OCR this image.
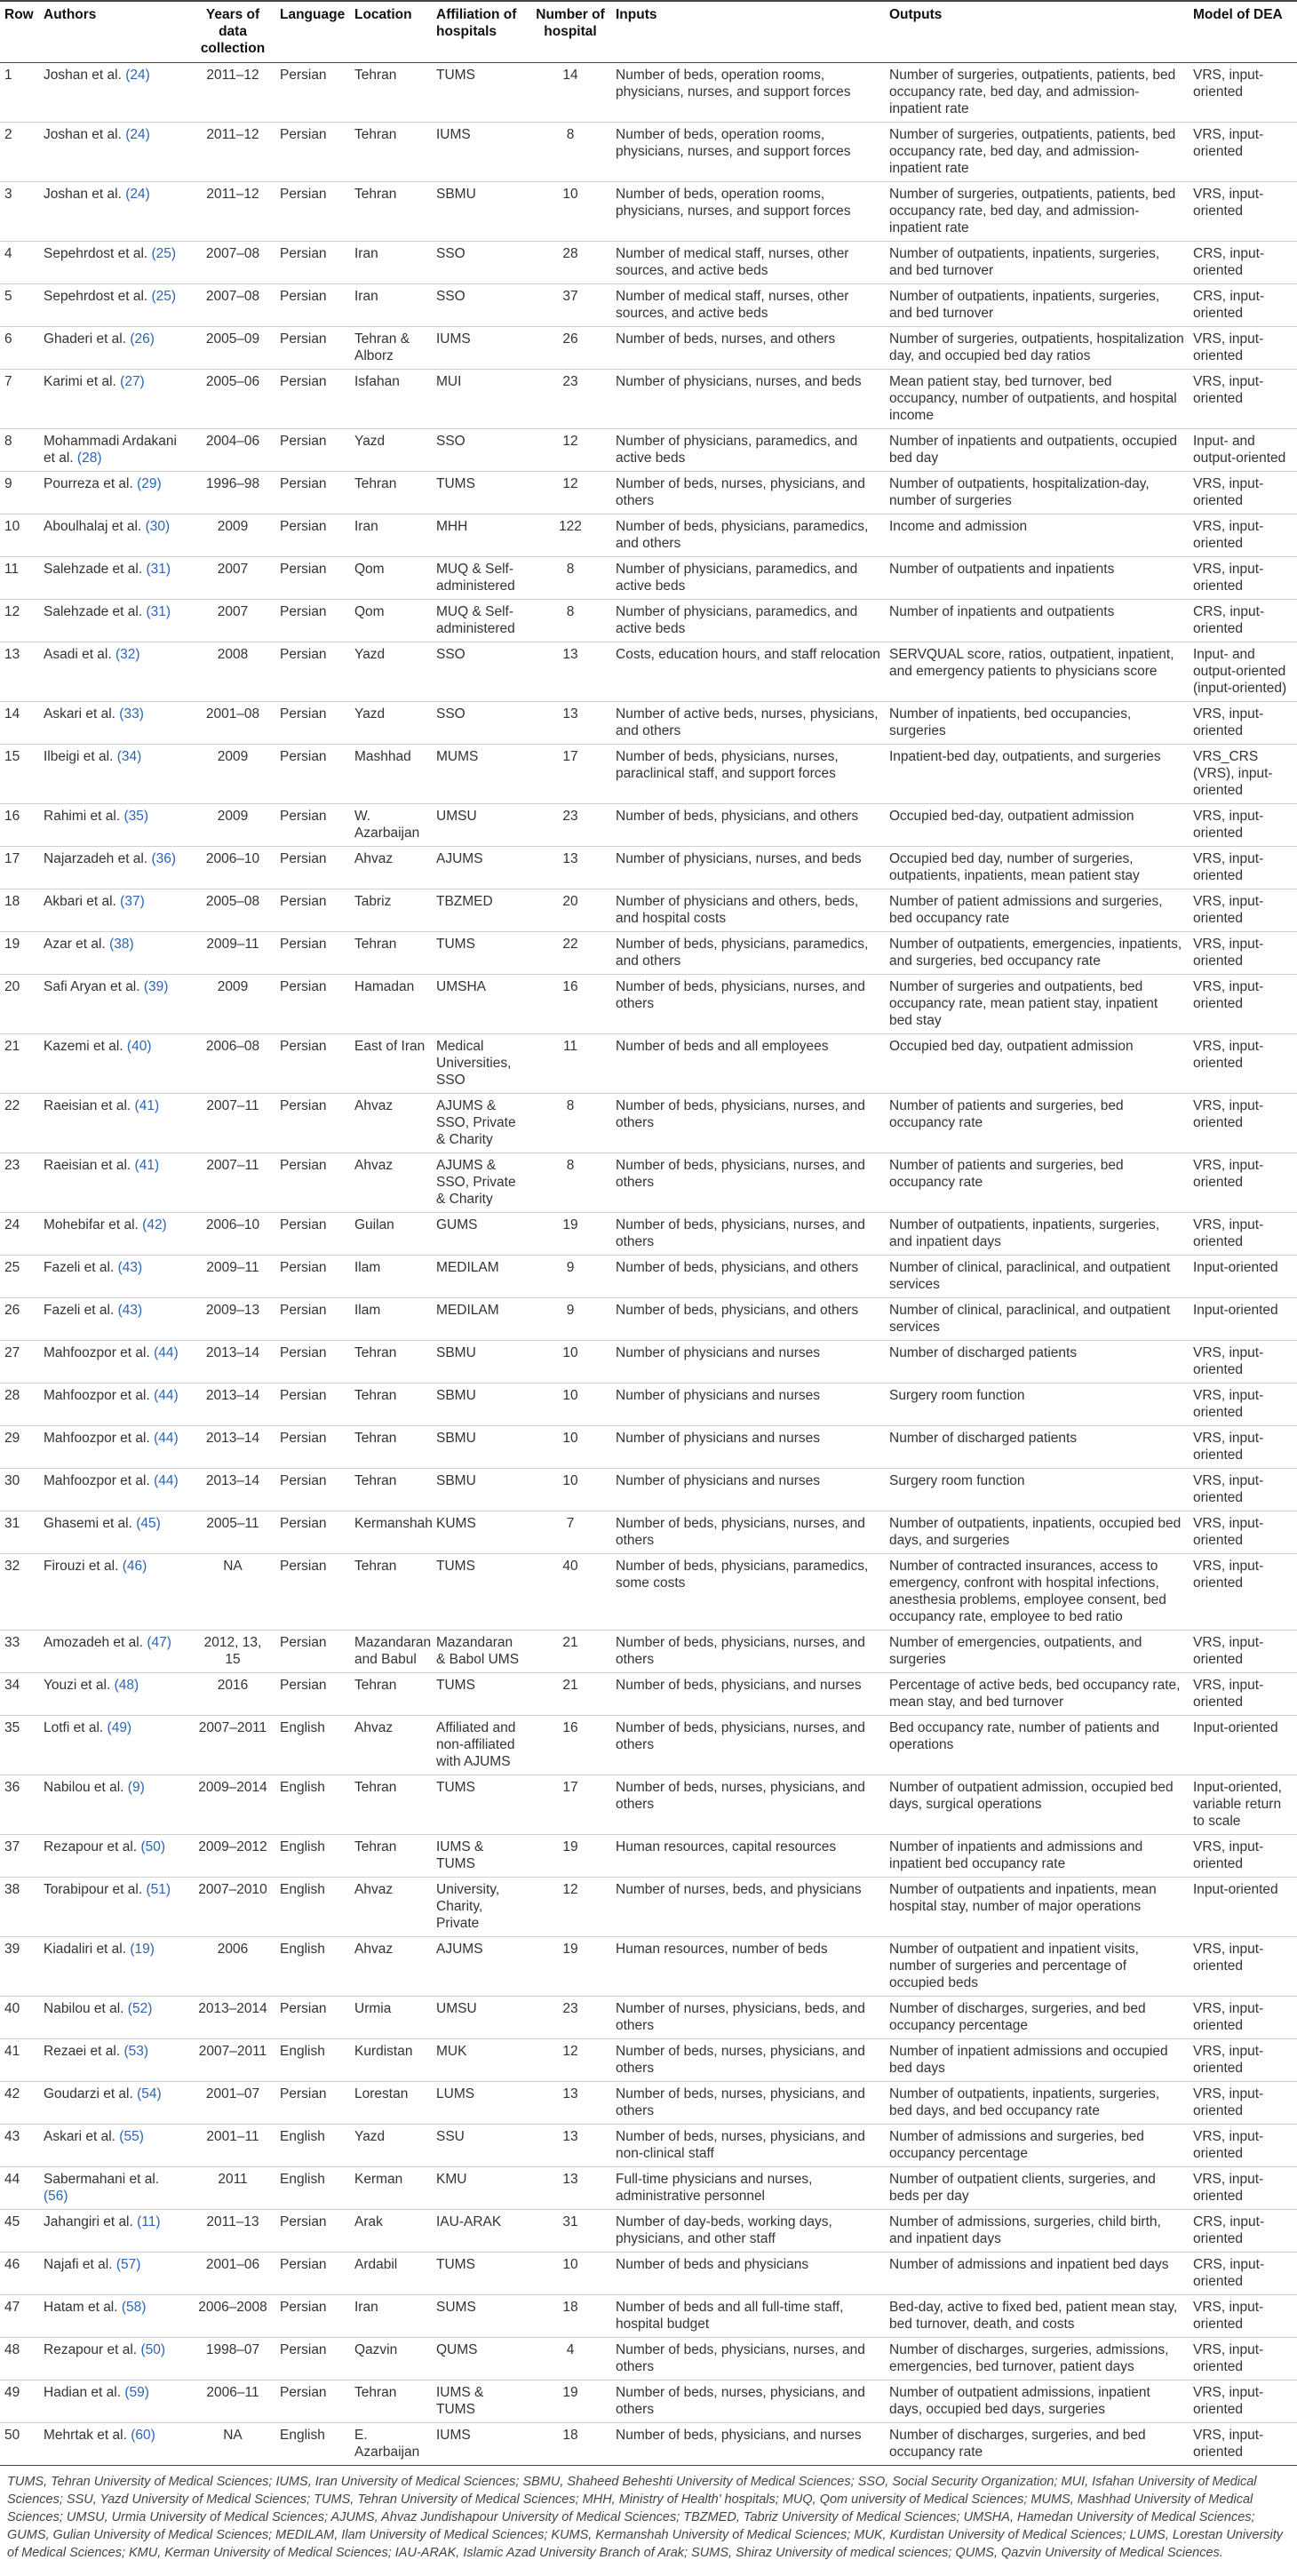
Row	Authors	Years of data collection	Language	Location	Affiliation of hospitals	Number of hospital	Inputs	Outputs	Model of DEA
1	Joshan et al. (24)	2011–12	Persian	Tehran	TUMS	14	Number of beds, operation rooms, physicians, nurses, and support forces	Number of surgeries, outpatients, patients, bed occupancy rate, bed day, and admission-inpatient rate	VRS, input-oriented
2	Joshan et al. (24)	2011–12	Persian	Tehran	IUMS	8	Number of beds, operation rooms, physicians, nurses, and support forces	Number of surgeries, outpatients, patients, bed occupancy rate, bed day, and admission-inpatient rate	VRS, input-oriented
3	Joshan et al. (24)	2011–12	Persian	Tehran	SBMU	10	Number of beds, operation rooms, physicians, nurses, and support forces	Number of surgeries, outpatients, patients, bed occupancy rate, bed day, and admission-inpatient rate	VRS, input-oriented
4	Sepehrdost et al. (25)	2007–08	Persian	Iran	SSO	28	Number of medical staff, nurses, other sources, and active beds	Number of outpatients, inpatients, surgeries, and bed turnover	CRS, input-oriented
5	Sepehrdost et al. (25)	2007–08	Persian	Iran	SSO	37	Number of medical staff, nurses, other sources, and active beds	Number of outpatients, inpatients, surgeries, and bed turnover	CRS, input-oriented
6	Ghaderi et al. (26)	2005–09	Persian	Tehran & Alborz	IUMS	26	Number of beds, nurses, and others	Number of surgeries, outpatients, hospitalization day, and occupied bed day ratios	VRS, input-oriented
7	Karimi et al. (27)	2005–06	Persian	Isfahan	MUI	23	Number of physicians, nurses, and beds	Mean patient stay, bed turnover, bed occupancy, number of outpatients, and hospital income	VRS, input-oriented
8	Mohammadi Ardakani et al. (28)	2004–06	Persian	Yazd	SSO	12	Number of physicians, paramedics, and active beds	Number of inpatients and outpatients, occupied bed day	Input- and output-oriented
9	Pourreza et al. (29)	1996–98	Persian	Tehran	TUMS	12	Number of beds, nurses, physicians, and others	Number of outpatients, hospitalization-day, number of surgeries	VRS, input-oriented
10	Aboulhalaj et al. (30)	2009	Persian	Iran	MHH	122	Number of beds, physicians, paramedics, and others	Income and admission	VRS, input-oriented
11	Salehzade et al. (31)	2007	Persian	Qom	MUQ & Self-administered	8	Number of physicians, paramedics, and active beds	Number of outpatients and inpatients	VRS, input-oriented
12	Salehzade et al. (31)	2007	Persian	Qom	MUQ & Self-administered	8	Number of physicians, paramedics, and active beds	Number of inpatients and outpatients	CRS, input-oriented
13	Asadi et al. (32)	2008	Persian	Yazd	SSO	13	Costs, education hours, and staff relocation	SERVQUAL score, ratios, outpatient, inpatient, and emergency patients to physicians score	Input- and output-oriented (input-oriented)
14	Askari et al. (33)	2001–08	Persian	Yazd	SSO	13	Number of active beds, nurses, physicians, and others	Number of inpatients, bed occupancies, surgeries	VRS, input-oriented
15	Ilbeigi et al. (34)	2009	Persian	Mashhad	MUMS	17	Number of beds, physicians, nurses, paraclinical staff, and support forces	Inpatient-bed day, outpatients, and surgeries	VRS_CRS (VRS), input-oriented
16	Rahimi et al. (35)	2009	Persian	W. Azarbaijan	UMSU	23	Number of beds, physicians, and others	Occupied bed-day, outpatient admission	VRS, input-oriented
17	Najarzadeh et al. (36)	2006–10	Persian	Ahvaz	AJUMS	13	Number of physicians, nurses, and beds	Occupied bed day, number of surgeries, outpatients, inpatients, mean patient stay	VRS, input-oriented
18	Akbari et al. (37)	2005–08	Persian	Tabriz	TBZMED	20	Number of physicians and others, beds, and hospital costs	Number of patient admissions and surgeries, bed occupancy rate	VRS, input-oriented
19	Azar et al. (38)	2009–11	Persian	Tehran	TUMS	22	Number of beds, physicians, paramedics, and others	Number of outpatients, emergencies, inpatients, and surgeries, bed occupancy rate	VRS, input-oriented
20	Safi Aryan et al. (39)	2009	Persian	Hamadan	UMSHA	16	Number of beds, physicians, nurses, and others	Number of surgeries and outpatients, bed occupancy rate, mean patient stay, inpatient bed stay	VRS, input-oriented
21	Kazemi et al. (40)	2006–08	Persian	East of Iran	Medical Universities, SSO	11	Number of beds and all employees	Occupied bed day, outpatient admission	VRS, input-oriented
22	Raeisian et al. (41)	2007–11	Persian	Ahvaz	AJUMS & SSO, Private & Charity	8	Number of beds, physicians, nurses, and others	Number of patients and surgeries, bed occupancy rate	VRS, input-oriented
23	Raeisian et al. (41)	2007–11	Persian	Ahvaz	AJUMS & SSO, Private & Charity	8	Number of beds, physicians, nurses, and others	Number of patients and surgeries, bed occupancy rate	VRS, input-oriented
24	Mohebifar et al. (42)	2006–10	Persian	Guilan	GUMS	19	Number of beds, physicians, nurses, and others	Number of outpatients, inpatients, surgeries, and inpatient days	VRS, input-oriented
25	Fazeli et al. (43)	2009–11	Persian	Ilam	MEDILAM	9	Number of beds, physicians, and others	Number of clinical, paraclinical, and outpatient services	Input-oriented
26	Fazeli et al. (43)	2009–13	Persian	Ilam	MEDILAM	9	Number of beds, physicians, and others	Number of clinical, paraclinical, and outpatient services	Input-oriented
27	Mahfoozpor et al. (44)	2013–14	Persian	Tehran	SBMU	10	Number of physicians and nurses	Number of discharged patients	VRS, input-oriented
28	Mahfoozpor et al. (44)	2013–14	Persian	Tehran	SBMU	10	Number of physicians and nurses	Surgery room function	VRS, input-oriented
29	Mahfoozpor et al. (44)	2013–14	Persian	Tehran	SBMU	10	Number of physicians and nurses	Number of discharged patients	VRS, input-oriented
30	Mahfoozpor et al. (44)	2013–14	Persian	Tehran	SBMU	10	Number of physicians and nurses	Surgery room function	VRS, input-oriented
31	Ghasemi et al. (45)	2005–11	Persian	Kermanshah	KUMS	7	Number of beds, physicians, nurses, and others	Number of outpatients, inpatients, occupied bed days, and surgeries	VRS, input-oriented
32	Firouzi et al. (46)	NA	Persian	Tehran	TUMS	40	Number of beds, physicians, paramedics, some costs	Number of contracted insurances, access to emergency, confront with hospital infections, anesthesia problems, employee consent, bed occupancy rate, employee to bed ratio	VRS, input-oriented
33	Amozadeh et al. (47)	2012, 13, 15	Persian	Mazandaran and Babul	Mazandaran & Babol UMS	21	Number of beds, physicians, nurses, and others	Number of emergencies, outpatients, and surgeries	VRS, input-oriented
34	Youzi et al. (48)	2016	Persian	Tehran	TUMS	21	Number of beds, physicians, and nurses	Percentage of active beds, bed occupancy rate, mean stay, and bed turnover	VRS, input-oriented
35	Lotfi et al. (49)	2007–2011	English	Ahvaz	Affiliated and non-affiliated with AJUMS	16	Number of beds, physicians, nurses, and others	Bed occupancy rate, number of patients and operations	Input-oriented
36	Nabilou et al. (9)	2009–2014	English	Tehran	TUMS	17	Number of beds, nurses, physicians, and others	Number of outpatient admission, occupied bed days, surgical operations	Input-oriented, variable return to scale
37	Rezapour et al. (50)	2009–2012	English	Tehran	IUMS & TUMS	19	Human resources, capital resources	Number of inpatients and admissions and inpatient bed occupancy rate	VRS, input-oriented
38	Torabipour et al. (51)	2007–2010	English	Ahvaz	University, Charity, Private	12	Number of nurses, beds, and physicians	Number of outpatients and inpatients, mean hospital stay, number of major operations	Input-oriented
39	Kiadaliri et al. (19)	2006	English	Ahvaz	AJUMS	19	Human resources, number of beds	Number of outpatient and inpatient visits, number of surgeries and percentage of occupied beds	VRS, input-oriented
40	Nabilou et al. (52)	2013–2014	Persian	Urmia	UMSU	23	Number of nurses, physicians, beds, and others	Number of discharges, surgeries, and bed occupancy percentage	VRS, input-oriented
41	Rezaei et al. (53)	2007–2011	English	Kurdistan	MUK	12	Number of beds, nurses, physicians, and others	Number of inpatient admissions and occupied bed days	VRS, input-oriented
42	Goudarzi et al. (54)	2001–07	Persian	Lorestan	LUMS	13	Number of beds, nurses, physicians, and others	Number of outpatients, inpatients, surgeries, bed days, and bed occupancy rate	VRS, input-oriented
43	Askari et al. (55)	2001–11	English	Yazd	SSU	13	Number of beds, nurses, physicians, and non-clinical staff	Number of admissions and surgeries, bed occupancy percentage	VRS, input-oriented
44	Sabermahani et al. (56)	2011	English	Kerman	KMU	13	Full-time physicians and nurses, administrative personnel	Number of outpatient clients, surgeries, and beds per day	VRS, input-oriented
45	Jahangiri et al. (11)	2011–13	Persian	Arak	IAU-ARAK	31	Number of day-beds, working days, physicians, and other staff	Number of admissions, surgeries, child birth, and inpatient days	CRS, input-oriented
46	Najafi et al. (57)	2001–06	Persian	Ardabil	TUMS	10	Number of beds and physicians	Number of admissions and inpatient bed days	CRS, input-oriented
47	Hatam et al. (58)	2006–2008	Persian	Iran	SUMS	18	Number of beds and all full-time staff, hospital budget	Bed-day, active to fixed bed, patient mean stay, bed turnover, death, and costs	VRS, input-oriented
48	Rezapour et al. (50)	1998–07	Persian	Qazvin	QUMS	4	Number of beds, physicians, nurses, and others	Number of discharges, surgeries, admissions, emergencies, bed turnover, patient days	VRS, input-oriented
49	Hadian et al. (59)	2006–11	Persian	Tehran	IUMS & TUMS	19	Number of beds, nurses, physicians, and others	Number of outpatient admissions, inpatient days, occupied bed days, surgeries	VRS, input-oriented
50	Mehrtak et al. (60)	NA	English	E. Azarbaijan	IUMS	18	Number of beds, physicians, and nurses	Number of discharges, surgeries, and bed occupancy rate	VRS, input-oriented
TUMS, Tehran University of Medical Sciences; IUMS, Iran University of Medical Sciences; SBMU, Shaheed Beheshti University of Medical Sciences; SSO, Social Security Organization; MUI, Isfahan University of Medical Sciences; SSU, Yazd University of Medical Sciences; TUMS, Tehran University of Medical Sciences; MHH, Ministry of Health' hospitals; MUQ, Qom university of Medical Sciences; MUMS, Mashhad University of Medical Sciences; UMSU, Urmia University of Medical Sciences; AJUMS, Ahvaz Jundishapour University of Medical Sciences; TBZMED, Tabriz University of Medical Sciences; UMSHA, Hamedan University of Medical Sciences; GUMS, Gulian University of Medical Sciences; MEDILAM, Ilam University of Medical Sciences; KUMS, Kermanshah University of Medical Sciences; MUK, Kurdistan University of Medical Sciences; LUMS, Lorestan University of Medical Sciences; KMU, Kerman University of Medical Sciences; IAU-ARAK, Islamic Azad University Branch of Arak; SUMS, Shiraz University of medical sciences; QUMS, Qazvin University of Medical Sciences.
